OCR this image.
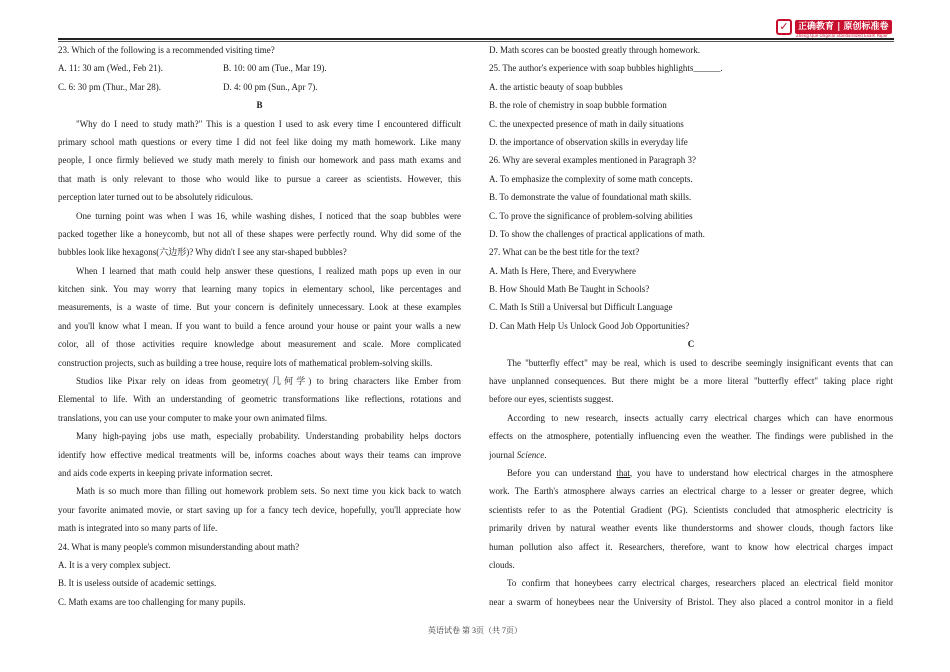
✓	正确教育 | 原创标准卷
Zheng Que Original Standardized Exam Paper
23. Which of the following is a recommended visiting time?
A. 11: 30 am (Wed., Feb 21).	B. 10: 00 am (Tue., Mar 19).
C. 6: 30 pm (Thur., Mar 28).	D. 4: 00 pm (Sun., Apr 7).
B
"Why do I need to study math?" This is a question I used to ask every time I encountered difficult
primary school math questions or every time I did not feel like doing my math homework. Like many
people, I once firmly believed we study math merely to finish our homework and pass math exams and
that math is only relevant to those who would like to pursue a career as scientists. However, this
perception later turned out to be absolutely ridiculous.
One turning point was when I was 16, while washing dishes, I noticed that the soap bubbles were
packed together like a honeycomb, but not all of these shapes were perfectly round. Why did some of the
bubbles look like hexagons(六边形)? Why didn't I see any star-shaped bubbles?
When I learned that math could help answer these questions, I realized math pops up even in our
kitchen sink. You may worry that learning many topics in elementary school, like percentages and
measurements, is a waste of time. But your concern is definitely unnecessary. Look at these examples
and you'll know what I mean. If you want to build a fence around your house or paint your walls a new
color, all of those activities require knowledge about measurement and scale. More complicated
construction projects, such as building a tree house, require lots of mathematical problem-solving skills.
Studios like Pixar rely on ideas from geometry(几何学) to bring characters like Ember from
Elemental to life. With an understanding of geometric transformations like reflections, rotations and
translations, you can use your computer to make your own animated films.
Many high-paying jobs use math, especially probability. Understanding probability helps doctors
identify how effective medical treatments will be, informs coaches about ways their teams can improve
and aids code experts in keeping private information secret.
Math is so much more than filling out homework problem sets. So next time you kick back to watch
your favorite animated movie, or start saving up for a fancy tech device, hopefully, you'll appreciate how
math is integrated into so many parts of life.
24. What is many people's common misunderstanding about math?
A. It is a very complex subject.
B. It is useless outside of academic settings.
C. Math exams are too challenging for many pupils.
D. Math scores can be boosted greatly through homework.
25. The author's experience with soap bubbles highlights______.
A. the artistic beauty of soap bubbles
B. the role of chemistry in soap bubble formation
C. the unexpected presence of math in daily situations
D. the importance of observation skills in everyday life
26. Why are several examples mentioned in Paragraph 3?
A. To emphasize the complexity of some math concepts.
B. To demonstrate the value of foundational math skills.
C. To prove the significance of problem-solving abilities
D. To show the challenges of practical applications of math.
27. What can be the best title for the text?
A. Math Is Here, There, and Everywhere
B. How Should Math Be Taught in Schools?
C. Math Is Still a Universal but Difficult Language
D. Can Math Help Us Unlock Good Job Opportunities?
C
The "butterfly effect" may be real, which is used to describe seemingly insignificant events that can
have unplanned consequences. But there might be a more literal "butterfly effect" taking place right
before our eyes, scientists suggest.
According to new research, insects actually carry electrical charges which can have enormous
effects on the atmosphere, potentially influencing even the weather. The findings were published in the
journal Science.
Before you can understand that, you have to understand how electrical charges in the atmosphere
work. The Earth's atmosphere always carries an electrical charge to a lesser or greater degree, which
scientists refer to as the Potential Gradient (PG). Scientists concluded that atmospheric electricity is
primarily driven by natural weather events like thunderstorms and shower clouds, though factors like
human pollution also affect it. Researchers, therefore, want to know how electrical charges impact
clouds.
To confirm that honeybees carry electrical charges, researchers placed an electrical field monitor
near a swarm of honeybees near the University of Bristol. They also placed a control monitor in a field
英语试卷 第 3页（共 7页）
